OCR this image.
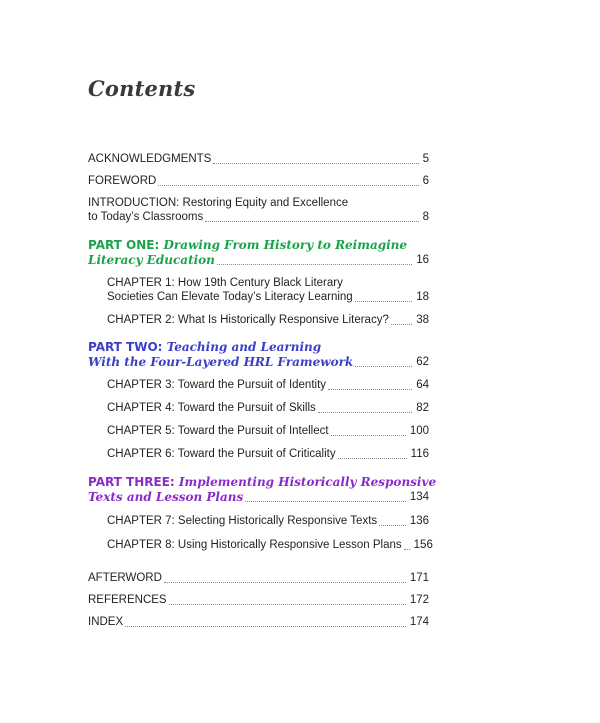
Contents
ACKNOWLEDGMENTS	5
FOREWORD	6
INTRODUCTION: Restoring Equity and Excellence
to Today’s Classrooms	8
PART ONE: Drawing From History to Reimagine
Literacy Education	16
CHAPTER 1: How 19th Century Black Literary
Societies Can Elevate Today’s Literacy Learning	18
CHAPTER 2: What Is Historically Responsive Literacy? 38
PART TWO: Teaching and Learning
With the Four-Layered HRL Framework	62
CHAPTER 3: Toward the Pursuit of Identity	64
CHAPTER 4: Toward the Pursuit of Skills	82
CHAPTER 5: Toward the Pursuit of Intellect	100
CHAPTER 6: Toward the Pursuit of Criticality	116
PART THREE: Implementing Historically Responsive
Texts and Lesson Plans	134
CHAPTER 7: Selecting Historically Responsive Texts	136
CHAPTER 8: Using Historically Responsive Lesson Plans 156
AFTERWORD	171
REFERENCES	172
INDEX	174
